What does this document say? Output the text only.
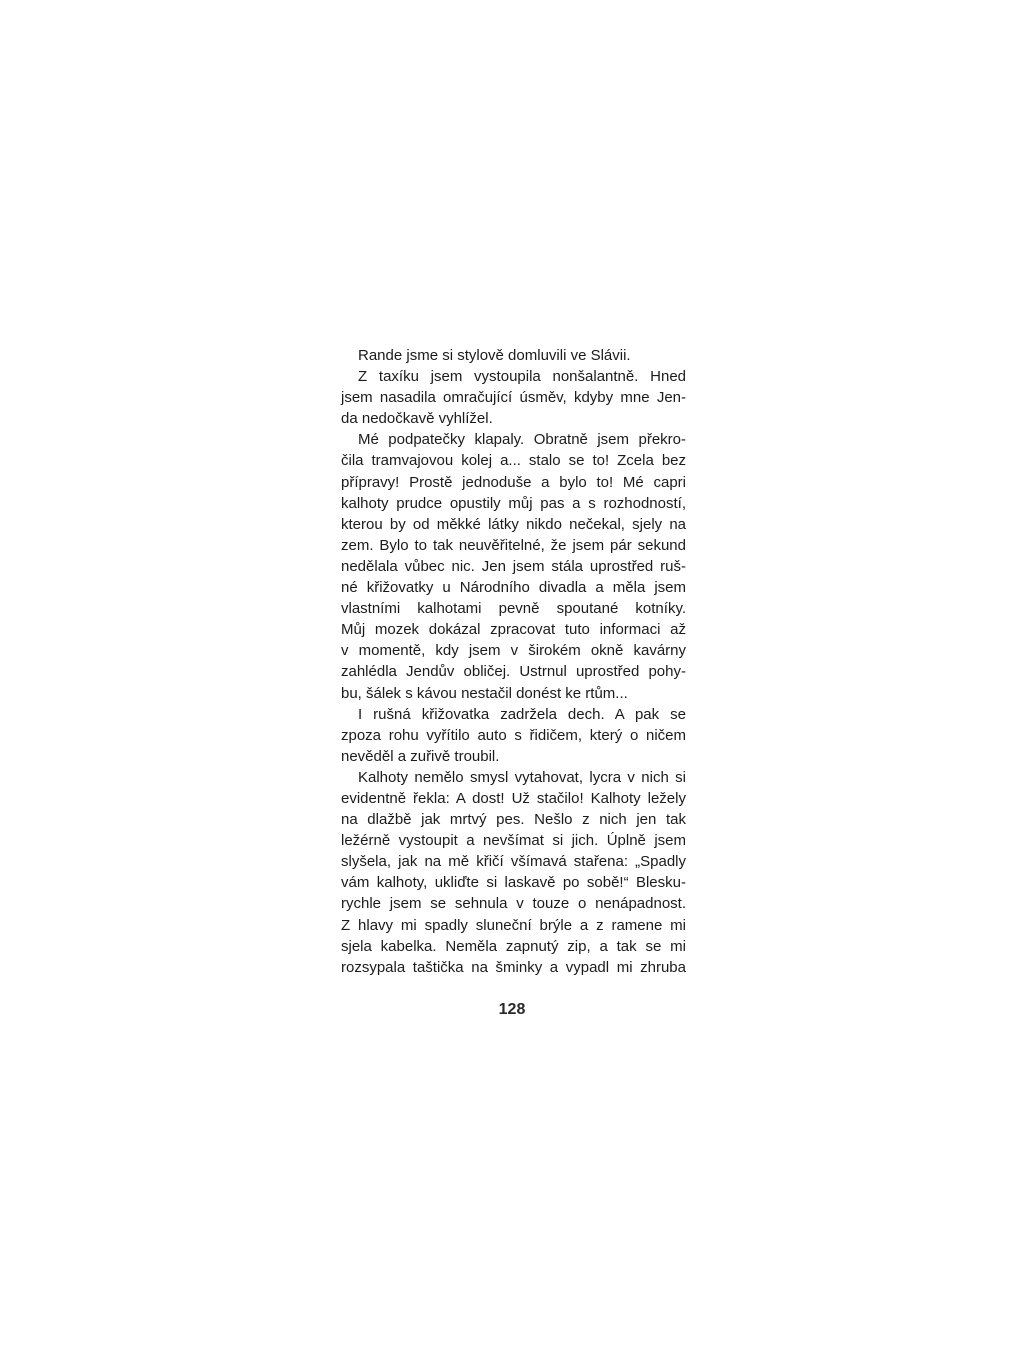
Rande jsme si stylově domluvili ve Slávii.
Z taxíku jsem vystoupila nonšalantně. Hned
jsem nasadila omračující úsměv, kdyby mne Jen-
da nedočkavě vyhlížel.
Mé podpatečky klapaly. Obratně jsem překro-
čila tramvajovou kolej a... stalo se to! Zcela bez
přípravy! Prostě jednoduše a bylo to! Mé capri
kalhoty prudce opustily můj pas a s rozhodností,
kterou by od měkké látky nikdo nečekal, sjely na
zem. Bylo to tak neuvěřitelné, že jsem pár sekund
nedělala vůbec nic. Jen jsem stála uprostřed ruš-
né křižovatky u Národního divadla a měla jsem
vlastními kalhotami pevně spoutané kotníky.
Můj mozek dokázal zpracovat tuto informaci až
v momentě, kdy jsem v širokém okně kavárny
zahlédla Jendův obličej. Ustrnul uprostřed pohy-
bu, šálek s kávou nestačil donést ke rtům...
I rušná křižovatka zadržela dech. A pak se
zpoza rohu vyřítilo auto s řidičem, který o ničem
nevěděl a zuřivě troubil.
Kalhoty nemělo smysl vytahovat, lycra v nich si
evidentně řekla: A dost! Už stačilo! Kalhoty ležely
na dlažbě jak mrtvý pes. Nešlo z nich jen tak
ležérně vystoupit a nevšímat si jich. Úplně jsem
slyšela, jak na mě křičí všímavá stařena: „Spadly
vám kalhoty, ukliďte si laskavě po sobě!“ Blesku-
rychle jsem se sehnula v touze o nenápadnost.
Z hlavy mi spadly sluneční brýle a z ramene mi
sjela kabelka. Neměla zapnutý zip, a tak se mi
rozsypala taštička na šminky a vypadl mi zhruba
128
